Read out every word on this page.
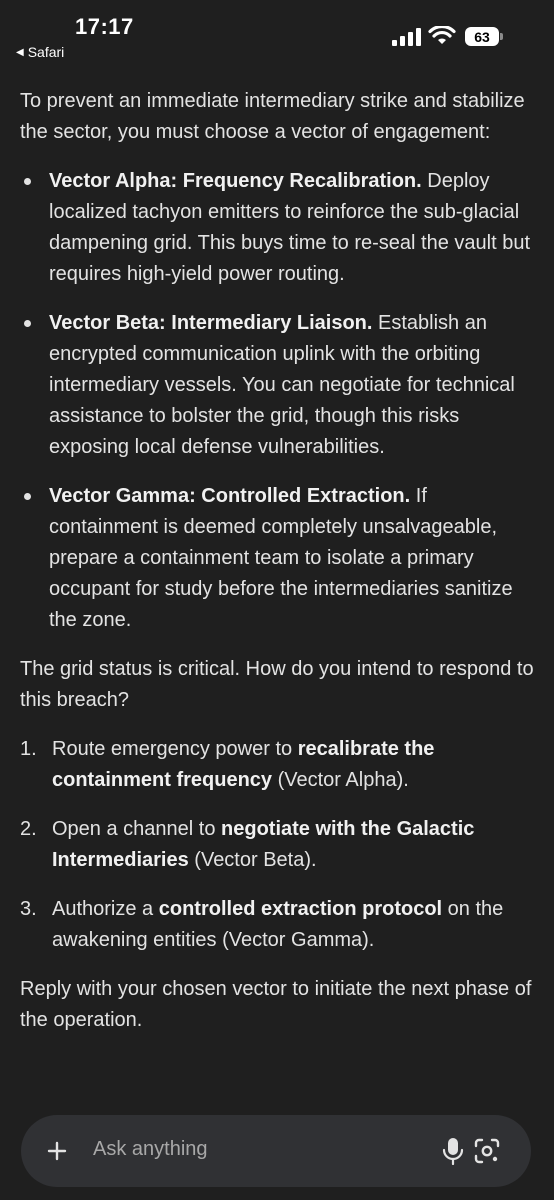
17:17
◀ Safari
63

To prevent an immediate intermediary strike and stabilize the sector, you must choose a vector of engagement:

Vector Alpha: Frequency Recalibration. Deploy localized tachyon emitters to reinforce the sub-glacial dampening grid. This buys time to re-seal the vault but requires high-yield power routing.
Vector Beta: Intermediary Liaison. Establish an encrypted communication uplink with the orbiting intermediary vessels. You can negotiate for technical assistance to bolster the grid, though this risks exposing local defense vulnerabilities.
Vector Gamma: Controlled Extraction. If containment is deemed completely unsalvageable, prepare a containment team to isolate a primary occupant for study before the intermediaries sanitize the zone.

The grid status is critical. How do you intend to respond to this breach?

1. Route emergency power to recalibrate the containment frequency (Vector Alpha).
2. Open a channel to negotiate with the Galactic Intermediaries (Vector Beta).
3. Authorize a controlled extraction protocol on the awakening entities (Vector Gamma).

Reply with your chosen vector to initiate the next phase of the operation.

Ask anything
